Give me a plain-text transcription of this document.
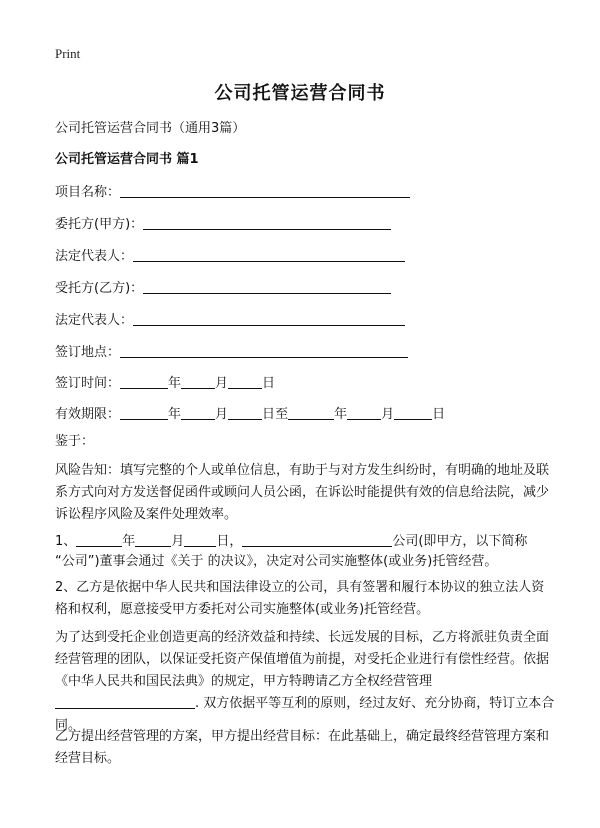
Print
公司托管运营合同书
公司托管运营合同书（通用3篇）
公司托管运营合同书 篇1
项目名称：
委托方(甲方)：
法定代表人：
受托方(乙方)：
法定代表人：
签订地点：
签订时间：	年	月	日
有效期限：	年	月	日至	年	月	日
鉴于：
风险告知：填写完整的个人或单位信息，有助于与对方发生纠纷时，有明确的地址及联系方式向对方发送督促函件或顾问人员公函，在诉讼时能提供有效的信息给法院，减少诉讼程序风险及案件处理效率。
1、	年	月 日，	公司(即甲方，以下简称
“公司”)董事会通过《关于 的决议》，决定对公司实施整体(或业务)托管经营。
2、乙方是依据中华人民共和国法律设立的公司，具有签署和履行本协议的独立法人资格和权利，愿意接受甲方委托对公司实施整体(或业务)托管经营。
为了达到受托企业创造更高的经济效益和持续、长远发展的目标，乙方将派驻负责全面经营管理的团队，以保证受托资产保值增值为前提，对受托企业进行有偿性经营。依据《中华人民共和国民法典》的规定，甲方特聘请乙方全权经营管理
. 双方依据平等互利的原则，经过友好、充分协商，特订立本合同。
乙方提出经营管理的方案，甲方提出经营目标：在此基础上，确定最终经营管理方案和经营目标。
